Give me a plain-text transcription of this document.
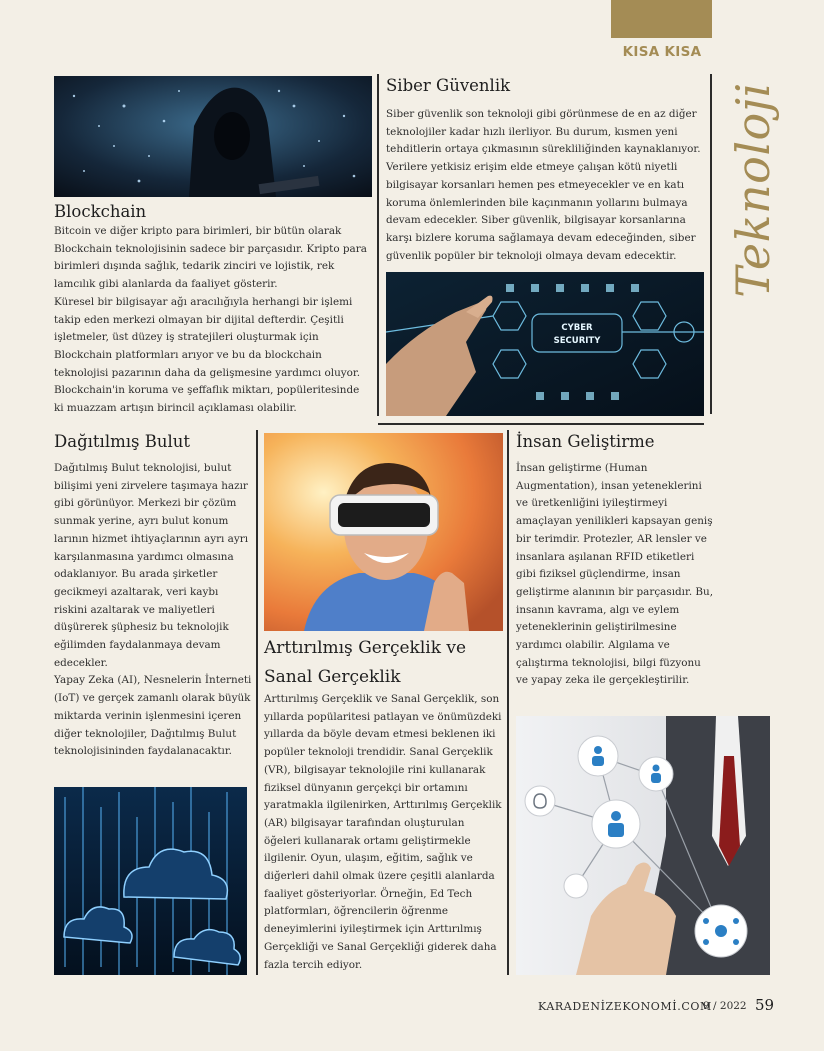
KISA KISA
Teknoloji
Blockchain

Bitcoin ve diğer kripto para birimleri, bir bütün olarak Blockchain teknolojisinin sadece bir parçasıdır. Kripto para birimleri dışında sağlık, tedarik zinciri ve lojistik, rek lamcılık gibi alanlarda da faaliyet gösterir.

Küresel bir bilgisayar ağı aracılığıyla herhangi bir işlemi takip eden merkezi olmayan bir dijital defterdir. Çeşitli işletmeler, üst düzey iş stratejileri oluşturmak için Blockchain platformları arıyor ve bu da blockchain teknolojisi pazarının daha da gelişmesine yardımcı oluyor. Blockchain'in koruma ve şeffaflık miktarı, popüleritesinde ki muazzam artışın birincil açıklaması olabilir.

Siber Güvenlik

Siber güvenlik son teknoloji gibi görünmese de en az diğer teknolojiler kadar hızlı ilerliyor. Bu durum, kısmen yeni tehditlerin ortaya çıkmasının sürekliliğinden kaynaklanıyor. Verilere yetkisiz erişim elde etmeye çalışan kötü niyetli bilgisayar korsanları hemen pes etmeyecekler ve en katı koruma önlemlerinden bile kaçınmanın yollarını bulmaya devam edecekler. Siber güvenlik, bilgisayar korsanlarına karşı bizlere koruma sağlamaya devam edeceğinden, siber güvenlik popüler bir teknoloji olmaya devam edecektir.

CYBER
SECURITY
Dağıtılmış Bulut

Dağıtılmış Bulut teknolojisi, bulut bilişimi yeni zirvelere taşımaya hazır gibi görünüyor. Merkezi bir çözüm sunmak yerine, ayrı bulut konum larının hizmet ihtiyaçlarının ayrı ayrı karşılanmasına yardımcı olmasına odaklanıyor. Bu arada şirketler gecikmeyi azaltarak, veri kaybı riskini azaltarak ve maliyetleri düşürerek şüphesiz bu teknolojik eğilimden faydalanmaya devam edecekler.

Yapay Zeka (AI), Nesnelerin İnterneti (IoT) ve gerçek zamanlı olarak büyük miktarda verinin işlenmesini içeren diğer teknolojiler, Dağıtılmış Bulut teknolojisininden faydalanacaktır.

Arttırılmış Gerçeklik ve Sanal Gerçeklik

Arttırılmış Gerçeklik ve Sanal Gerçeklik, son yıllarda popülaritesi patlayan ve önümüzdeki yıllarda da böyle devam etmesi beklenen iki popüler teknoloji trendidir. Sanal Gerçeklik (VR), bilgisayar teknolojile rini kullanarak fiziksel dünyanın gerçekçi bir ortamını yaratmakla ilgilenirken, Arttırılmış Gerçeklik (AR) bilgisayar tarafından oluşturulan öğeleri kullanarak ortamı geliştirmekle ilgilenir. Oyun, ulaşım, eğitim, sağlık ve diğerleri dahil olmak üzere çeşitli alanlarda faaliyet gösteriyorlar. Örneğin, Ed Tech platformları, öğrencilerin öğrenme deneyimlerini iyileştirmek için Arttırılmış Gerçekliği ve Sanal Gerçekliği giderek daha fazla tercih ediyor.

İnsan Geliştirme

İnsan geliştirme (Human Augmentation), insan yeteneklerini ve üretkenliğini iyileştirmeyi amaçlayan yenilikleri kapsayan geniş bir terimdir. Protezler, AR lensler ve insanlara aşılanan RFID etiketleri gibi fiziksel güçlendirme, insan geliştirme alanının bir parçasıdır. Bu, insanın kavrama, algı ve eylem yeteneklerinin geliştirilmesine yardımcı olabilir. Algılama ve çalıştırma teknolojisi, bilgi füzyonu ve yapay zeka ile gerçekleştirilir.

KARADENİZEKONOMİ.COM
9 / 2022 59
